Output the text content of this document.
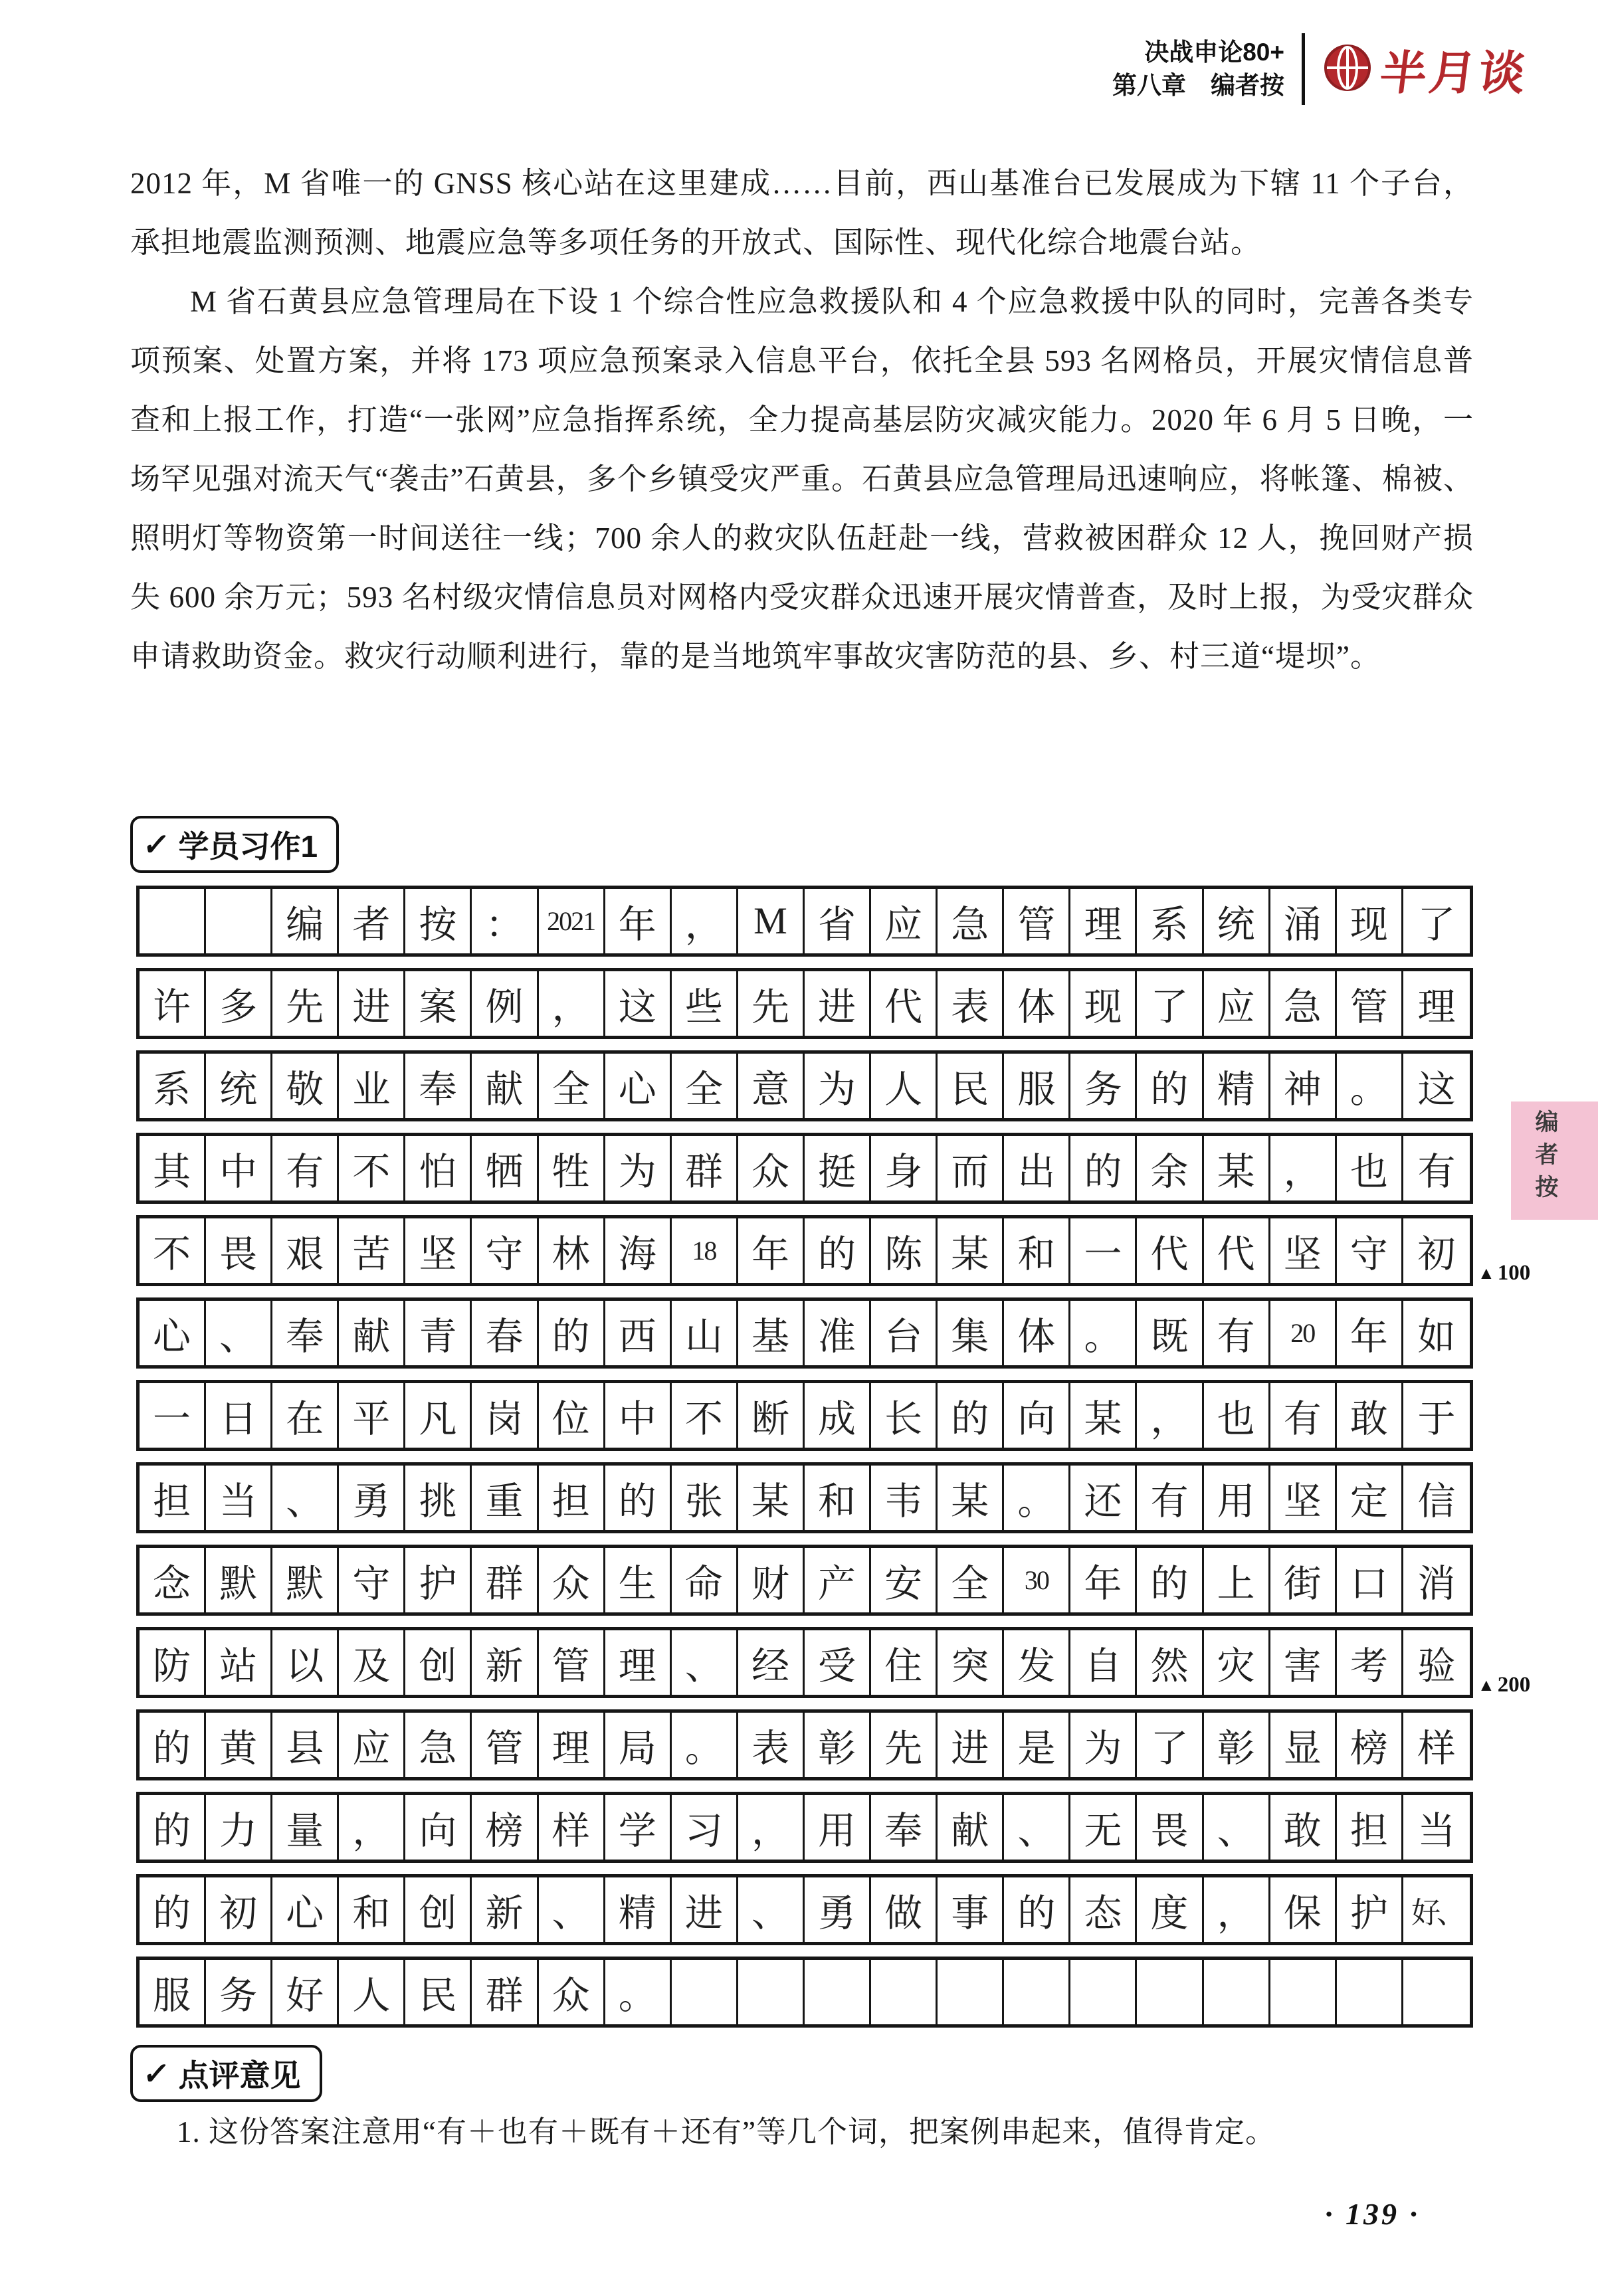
决战申论80+
第八章　编者按 半月谈

2012 年，M 省唯一的 GNSS 核心站在这里建成……目前，西山基准台已发展成为下辖 11 个子台，承担地震监测预测、地震应急等多项任务的开放式、国际性、现代化综合地震台站。

M 省石黄县应急管理局在下设 1 个综合性应急救援队和 4 个应急救援中队的同时，完善各类专项预案、处置方案，并将 173 项应急预案录入信息平台，依托全县 593 名网格员，开展灾情信息普查和上报工作，打造“一张网”应急指挥系统，全力提高基层防灾减灾能力。2020 年 6 月 5 日晚，一场罕见强对流天气“袭击”石黄县，多个乡镇受灾严重。石黄县应急管理局迅速响应，将帐篷、棉被、照明灯等物资第一时间送往一线；700 余人的救灾队伍赶赴一线，营救被困群众 12 人，挽回财产损失 600 余万元；593 名村级灾情信息员对网格内受灾群众迅速开展灾情普查，及时上报，为受灾群众申请救助资金。救灾行动顺利进行，靠的是当地筑牢事故灾害防范的县、乡、村三道“堤坝”。

✓ 学员习作1
编 者 按 ： 2021 年 ， M 省 应 急 管 理 系 统 涌 现 了
许 多 先 进 案 例 ， 这 些 先 进 代 表 体 现 了 应 急 管 理
系 统 敬 业 奉 献 全 心 全 意 为 人 民 服 务 的 精 神 。 这
其 中 有 不 怕 牺 牲 为 群 众 挺 身 而 出 的 余 某 ， 也 有
不 畏 艰 苦 坚 守 林 海	18 年 的 陈 某 和 一 代 代 坚 守 初
心 、 奉 献 青 春 的 西 山 基 准 台 集 体 。 既 有	20 年 如
一 日 在 平 凡 岗 位 中 不 断 成 长 的 向 某 ， 也 有 敢 于
担 当 、 勇 挑 重 担 的 张 某 和 韦 某 。 还 有 用 坚 定 信
念 默 默 守 护 群 众 生 命 财 产 安 全	30 年 的 上 街 口 消
防 站 以 及 创 新 管 理 、 经 受 住 突 发 自 然 灾 害 考 验
的 黄 县 应 急 管 理 局 。 表 彰 先 进 是 为 了 彰 显 榜 样
的 力 量 ， 向 榜 样 学 习 ， 用 奉 献 、 无 畏 、 敢 担 当
的 初 心 和 创 新 、 精 进 、 勇 做 事 的 态 度 ， 保 护 好、
服 务 好 人 民 群 众 。
▲ 100
▲ 200
编者按
✓ 点评意见
1. 这份答案注意用“有＋也有＋既有＋还有”等几个词，把案例串起来，值得肯定。
· 139 ·
